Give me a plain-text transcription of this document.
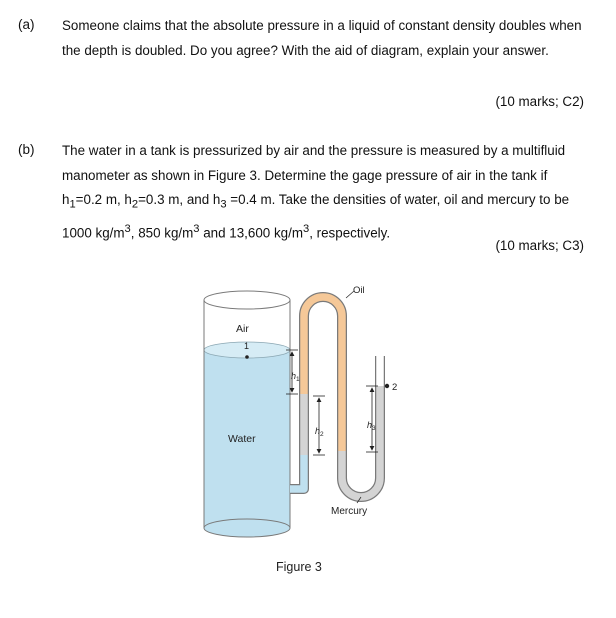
(a) Someone claims that the absolute pressure in a liquid of constant density doubles when the depth is doubled. Do you agree? With the aid of diagram, explain your answer.
(10 marks; C2)
(b) The water in a tank is pressurized by air and the pressure is measured by a multifluid manometer as shown in Figure 3. Determine the gage pressure of air in the tank if $h_1=0.2$ m, $h_2=0.3$ m, and $h_3 =0.4$ m. Take the densities of water, oil and mercury to be 1000 $kg/m^3$, 850 $kg/m^3$ and 13,600 $kg/m^3$, respectively.
(10 marks; C3)
1
Air
Water
Oil
2
$h_1$
$h_2$
$h_3$
Mercury
Figure 3
